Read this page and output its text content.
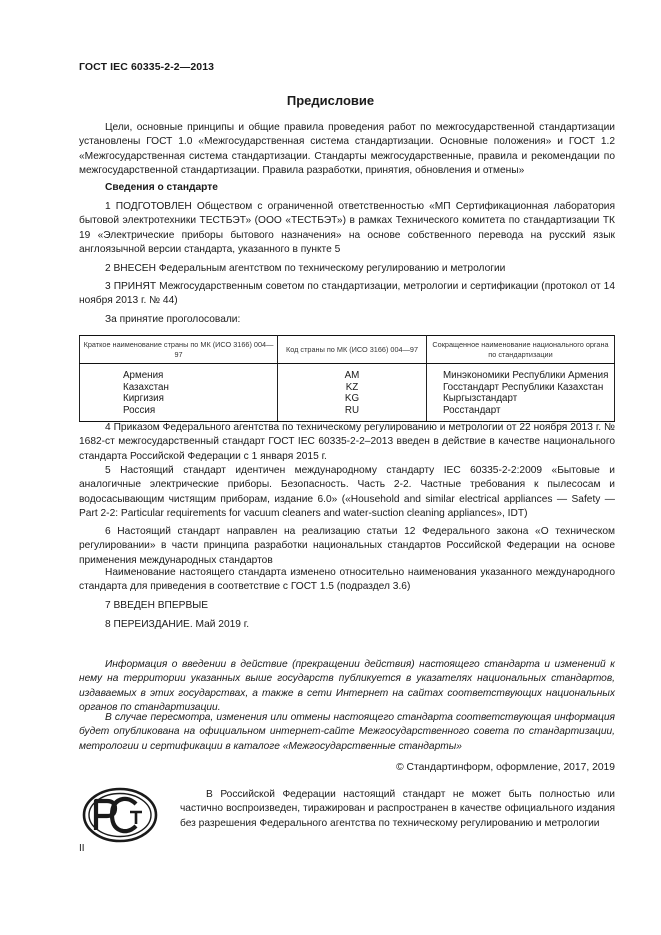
ГОСТ IEC 60335-2-2—2013
Предисловие

Цели, основные принципы и общие правила проведения работ по межгосударственной стандартизации установлены ГОСТ 1.0 «Межгосударственная система стандартизации. Основные положения» и ГОСТ 1.2 «Межгосударственная система стандартизации. Стандарты межгосударственные, правила и рекомендации по межгосударственной стандартизации. Правила разработки, принятия, обновления и отмены»

Сведения о стандарте

1 ПОДГОТОВЛЕН Обществом с ограниченной ответственностью «МП Сертификационная лаборатория бытовой электротехники ТЕСТБЭТ» (ООО «ТЕСТБЭТ») в рамках Технического комитета по стандартизации ТК 19 «Электрические приборы бытового назначения» на основе собственного перевода на русский язык англоязычной версии стандарта, указанного в пункте 5

2 ВНЕСЕН Федеральным агентством по техническому регулированию и метрологии

3 ПРИНЯТ Межгосударственным советом по стандартизации, метрологии и сертификации (протокол от 14 ноября 2013 г. № 44)

За принятие проголосовали:

Краткое наименование страны по МК (ИСО 3166) 004—97	Код страны по МК (ИСО 3166) 004—97	Сокращенное наименование национального органа по стандартизации
Армения	AM	Минэкономики Республики Армения
Казахстан	KZ	Госстандарт Республики Казахстан
Киргизия	KG	Кыргызстандарт
Россия	RU	Росстандарт

4 Приказом Федерального агентства по техническому регулированию и метрологии от 22 ноября 2013 г. № 1682-ст межгосударственный стандарт ГОСТ IEC 60335-2-2–2013 введен в действие в качестве национального стандарта Российской Федерации с 1 января 2015 г.

5 Настоящий стандарт идентичен международному стандарту IEC 60335-2-2:2009 «Бытовые и аналогичные электрические приборы. Безопасность. Часть 2-2. Частные требования к пылесосам и водосасывающим чистящим приборам, издание 6.0» («Household and similar electrical appliances — Safety — Part 2-2: Particular requirements for vacuum cleaners and water-suction cleaning appliances», IDT)

6 Настоящий стандарт направлен на реализацию статьи 12 Федерального закона «О техническом регулировании» в части принципа разработки национальных стандартов Российской Федерации на основе применения международных стандартов

Наименование настоящего стандарта изменено относительно наименования указанного международного стандарта для приведения в соответствие с ГОСТ 1.5 (подраздел 3.6)

7 ВВЕДЕН ВПЕРВЫЕ

8 ПЕРЕИЗДАНИЕ. Май 2019 г.

Информация о введении в действие (прекращении действия) настоящего стандарта и изменений к нему на территории указанных выше государств публикуется в указателях национальных стандартов, издаваемых в этих государствах, а также в сети Интернет на сайтах соответствующих национальных органов по стандартизации.

В случае пересмотра, изменения или отмены настоящего стандарта соответствующая информация будет опубликована на официальном интернет-сайте Межгосударственного совета по стандартизации, метрологии и сертификации в каталоге «Межгосударственные стандарты»

© Стандартинформ, оформление, 2017, 2019

В Российской Федерации настоящий стандарт не может быть полностью или частично воспроизведен, тиражирован и распространен в качестве официального издания без разрешения Федерального агентства по техническому регулированию и метрологии

II
